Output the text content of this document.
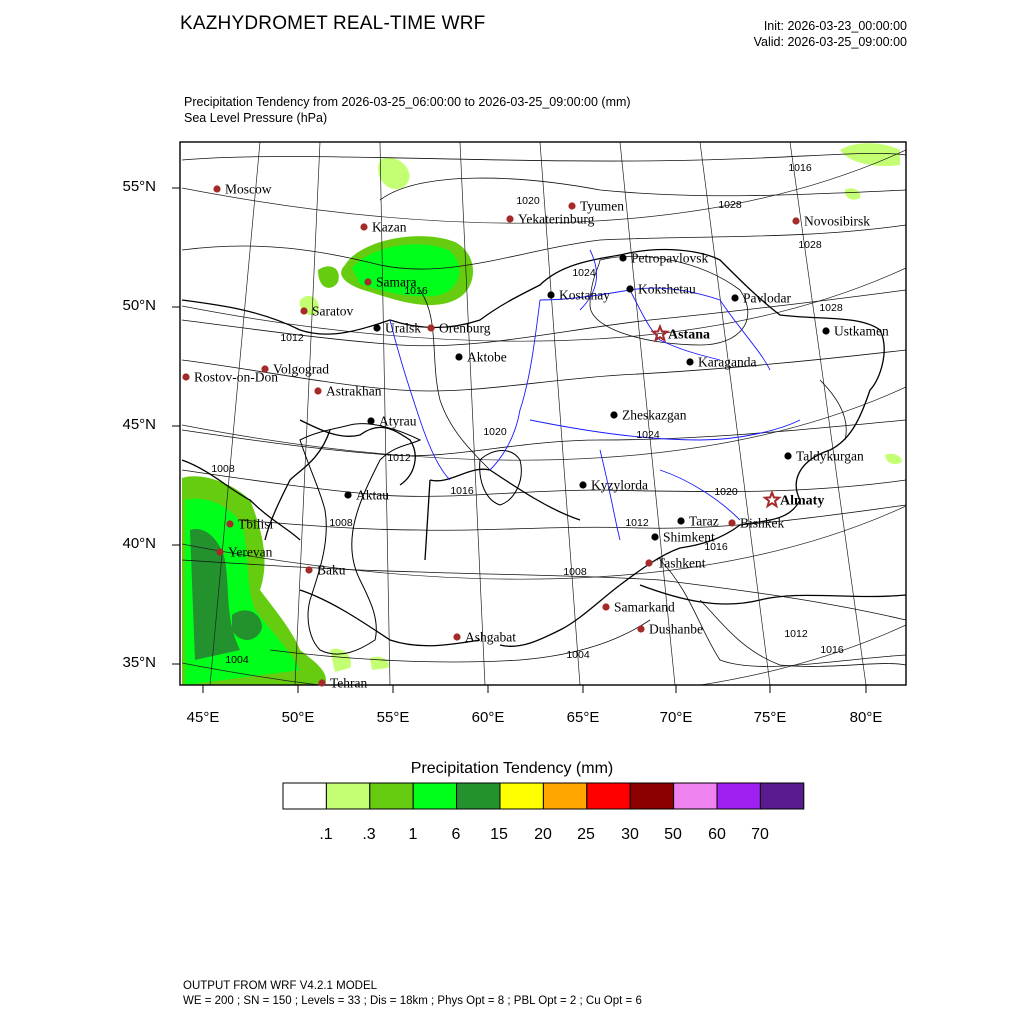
KAZHYDROMET REAL-TIME WRF	Init: 2026-03-23_00:00:00
Valid: 2026-03-25_09:00:00
Precipitation Tendency from 2026-03-25_06:00:00 to 2026-03-25_09:00:00 (mm)
Sea Level Pressure (hPa)
1016
1020	1028
1028
1016
1012
1024
1028
1020	1024
1012
1008
1016
1008
1020
1012
1016
1008
1004	1004
1012
1016
Moscow
Kazan
Tyumen
Yekaterinburg	Novosibirsk
Petropavlovsk
Samara
Kostanay Kokshetau
Pavlodar
Saratov
Uralsk Orenburg	Astana	Ustkamen
Aktobe	Karaganda
Volgograd
Rostov-on-Don
Astrakhan
Zheskazgan
Atyrau
Taldykurgan
Kyzylorda
Aktau	Almaty
Taraz Bishkek
Tbilisi
Shimkent
Yerevan
Baku	Tashkent
Samarkand
Dushanbe
Ashgabat
Tehran
55°N
50°N
45°N
40°N
35°N
45°E	50°E	55°E	60°E	65°E	70°E	75°E	80°E
Precipitation Tendency (mm)
.1	.3	1	6	15	20	25	30	50	60	70
OUTPUT FROM WRF V4.2.1 MODEL
WE = 200 ; SN = 150 ; Levels = 33 ; Dis = 18km ; Phys Opt = 8 ; PBL Opt = 2 ; Cu Opt = 6
